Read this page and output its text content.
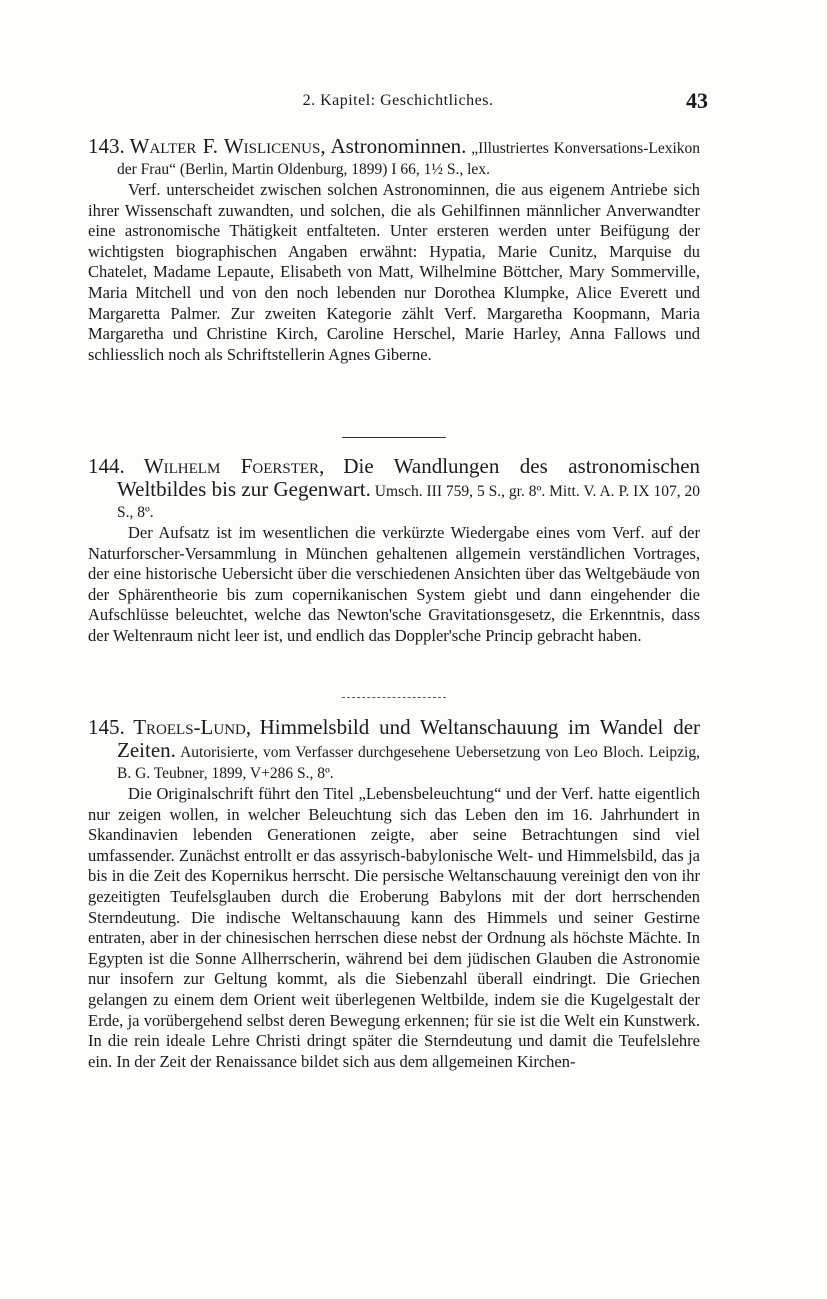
2. Kapitel: Geschichtliches.	43

143. Walter F. Wislicenus, Astronominnen. „Illustriertes Konversations-Lexikon der Frau“ (Berlin, Martin Oldenburg, 1899) I 66, 1½ S., lex.

Verf. unterscheidet zwischen solchen Astronominnen, die aus eigenem Antriebe sich ihrer Wissenschaft zuwandten, und solchen, die als Gehilfinnen männlicher Anverwandter eine astronomische Thätigkeit entfalteten. Unter ersteren werden unter Beifügung der wichtigsten biographischen Angaben erwähnt: Hypatia, Marie Cunitz, Marquise du Chatelet, Madame Lepaute, Elisabeth von Matt, Wilhelmine Böttcher, Mary Sommerville, Maria Mitchell und von den noch lebenden nur Dorothea Klumpke, Alice Everett und Margaretta Palmer. Zur zweiten Kategorie zählt Verf. Margaretha Koopmann, Maria Margaretha und Christine Kirch, Caroline Herschel, Marie Harley, Anna Fallows und schliesslich noch als Schriftstellerin Agnes Giberne.

144. Wilhelm Foerster, Die Wandlungen des astronomischen Weltbildes bis zur Gegenwart. Umsch. III 759, 5 S., gr. 8º. Mitt. V. A. P. IX 107, 20 S., 8º.

Der Aufsatz ist im wesentlichen die verkürzte Wiedergabe eines vom Verf. auf der Naturforscher-Versammlung in München gehaltenen allgemein verständlichen Vortrages, der eine historische Uebersicht über die verschiedenen Ansichten über das Weltgebäude von der Sphärentheorie bis zum copernikanischen System giebt und dann eingehender die Aufschlüsse beleuchtet, welche das Newton'sche Gravitationsgesetz, die Erkenntnis, dass der Weltenraum nicht leer ist, und endlich das Doppler'sche Princip gebracht haben.

145. Troels-Lund, Himmelsbild und Weltanschauung im Wandel der Zeiten. Autorisierte, vom Verfasser durchgesehene Uebersetzung von Leo Bloch. Leipzig, B. G. Teubner, 1899, V+286 S., 8º.

Die Originalschrift führt den Titel „Lebensbeleuchtung“ und der Verf. hatte eigentlich nur zeigen wollen, in welcher Beleuchtung sich das Leben den im 16. Jahrhundert in Skandinavien lebenden Generationen zeigte, aber seine Betrachtungen sind viel umfassender. Zunächst entrollt er das assyrisch-babylonische Welt- und Himmelsbild, das ja bis in die Zeit des Kopernikus herrscht. Die persische Weltanschauung vereinigt den von ihr gezeitigten Teufelsglauben durch die Eroberung Babylons mit der dort herrschenden Sterndeutung. Die indische Weltanschauung kann des Himmels und seiner Gestirne entraten, aber in der chinesischen herrschen diese nebst der Ordnung als höchste Mächte. In Egypten ist die Sonne Allherrscherin, während bei dem jüdischen Glauben die Astronomie nur insofern zur Geltung kommt, als die Siebenzahl überall eindringt. Die Griechen gelangen zu einem dem Orient weit überlegenen Weltbilde, indem sie die Kugelgestalt der Erde, ja vorübergehend selbst deren Bewegung erkennen; für sie ist die Welt ein Kunstwerk. In die rein ideale Lehre Christi dringt später die Sterndeutung und damit die Teufelslehre ein. In der Zeit der Renaissance bildet sich aus dem allgemeinen Kirchen-
